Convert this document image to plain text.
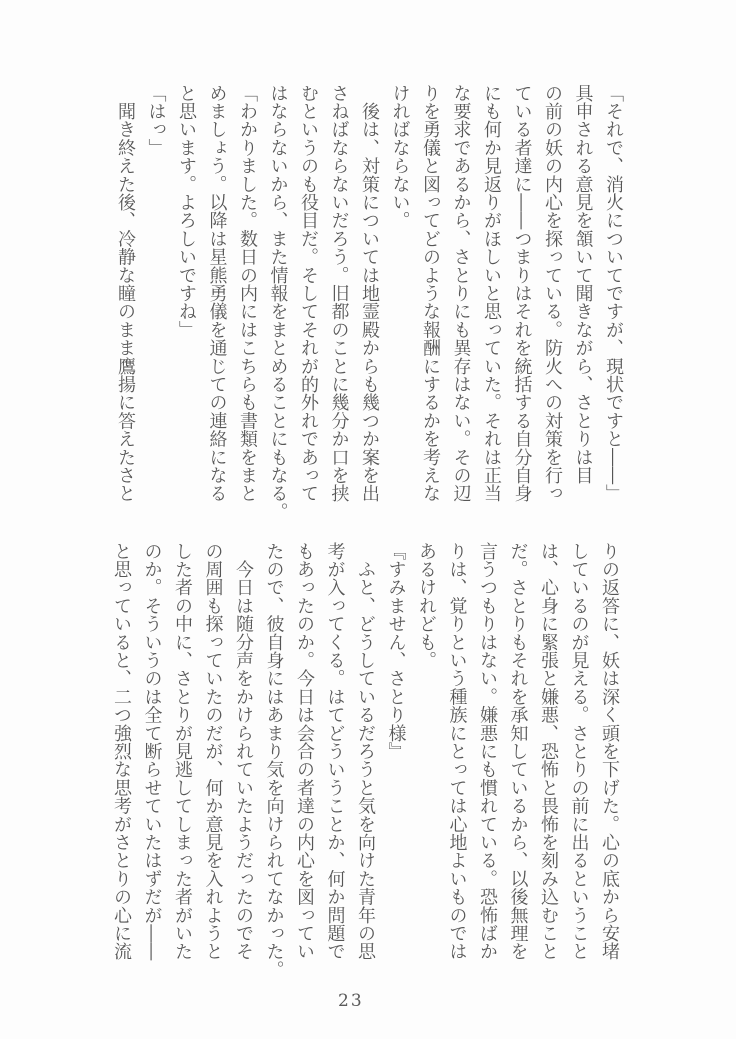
「それで、消火についてですが、現状ですと――」
具申される意見を頷いて聞きながら、さとりは目
の前の妖の内心を探っている。防火への対策を行っ
ている者達に――つまりはそれを統括する自分自身
にも何か見返りがほしいと思っていた。それは正当
な要求であるから、さとりにも異存はない。その辺
りを勇儀と図ってどのような報酬にするかを考えな
ければならない。
　後は、対策については地霊殿からも幾つか案を出
さねばならないだろう。旧都のことに幾分か口を挟
むというのも役目だ。そしてそれが的外れであって
はならないから、また情報をまとめることにもなる。
「わかりました。数日の内にはこちらも書類をまと
めましょう。以降は星熊勇儀を通じての連絡になる
と思います。よろしいですね」
「はっ」
　聞き終えた後、冷静な瞳のまま鷹揚に答えたさと
りの返答に、妖は深く頭を下げた。心の底から安堵
しているのが見える。さとりの前に出るということ
は、心身に緊張と嫌悪、恐怖と畏怖を刻み込むこと
だ。さとりもそれを承知しているから、以後無理を
言うつもりはない。嫌悪にも慣れている。恐怖ばか
りは、覚りという種族にとっては心地よいものでは
あるけれども。
『すみません、さとり様』
　ふと、どうしているだろうと気を向けた青年の思
考が入ってくる。はてどういうことか、何か問題で
もあったのか。今日は会合の者達の内心を図ってい
たので、彼自身にはあまり気を向けられてなかった。
　今日は随分声をかけられていたようだったのでそ
の周囲も探っていたのだが、何か意見を入れようと
した者の中に、さとりが見逃してしまった者がいた
のか。そういうのは全て断らせていたはずだが――
と思っていると、二つ強烈な思考がさとりの心に流
23
